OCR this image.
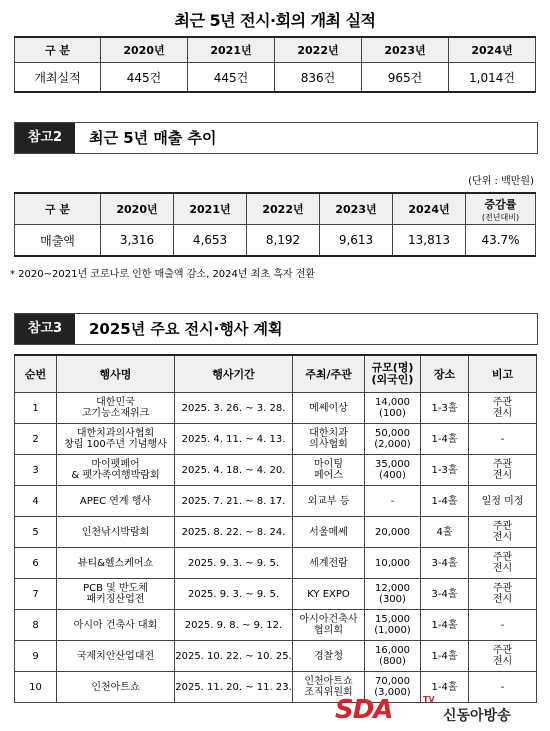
최근 5년 전시·회의 개최 실적
구 분	2020년	2021년	2022년	2023년	2024년
개최실적	445건	445건	836건	965건	1,014건
참고2	최근 5년 매출 추이
(단위 : 백만원)
구 분	2020년	2021년	2022년	2023년	2024년	증감률
(전년대비)

매출액	3,316	4,653	8,192	9,613	13,813	43.7%
* 2020~2021년 코로나로 인한 매출액 감소, 2024년 최초 흑자 전환
참고3	2025년 주요 전시·행사 계획
순번	행사명	행사기간	주최/주관	규모(명)
(외국인)	장소	비고
1	대한민국
고기능소재위크	2025. 3. 26. ~ 3. 28.	메쎄이상	14,000
(100)	1-3홀	주관
전시
2	대한치과의사협회
창립 100주년 기념행사	2025. 4. 11. ~ 4. 13.	대한치과
의사협회	50,000
(2,000)	1-4홀	-
3	마이펫페어
& 펫가족여행박람회	2025. 4. 18. ~ 4. 20.	마이팅
페어스	35,000
(400)	1-3홀	주관
전시
4	APEC 연계 행사	2025. 7. 21. ~ 8. 17.	외교부 등	-	1-4홀	일정 미정
5	인천낚시박람회	2025. 8. 22. ~ 8. 24.	서울메쎄	20,000	4홀	주관
전시
6	뷰티&헬스케어쇼	2025. 9. 3. ~ 9. 5.	세계전람	10,000	3-4홀	주관
전시
7	PCB 및 반도체
패키징산업전	2025. 9. 3. ~ 9. 5.	KY EXPO	12,000
(300)	3-4홀	주관
전시
8	아시아 건축사 대회	2025. 9. 8. ~ 9. 12.	아시아건축사
협의회	15,000
(1,000)	1-4홀	-
9	국제치안산업대전	2025. 10. 22. ~ 10. 25.	경찰청	16,000
(800)	1-4홀	주관
전시
10	인천아트쇼	2025. 11. 20. ~ 11. 23.	인천아트쇼
조직위원회	70,000
(3,000)	1-4홀	-
SDA	TV
신동아방송
